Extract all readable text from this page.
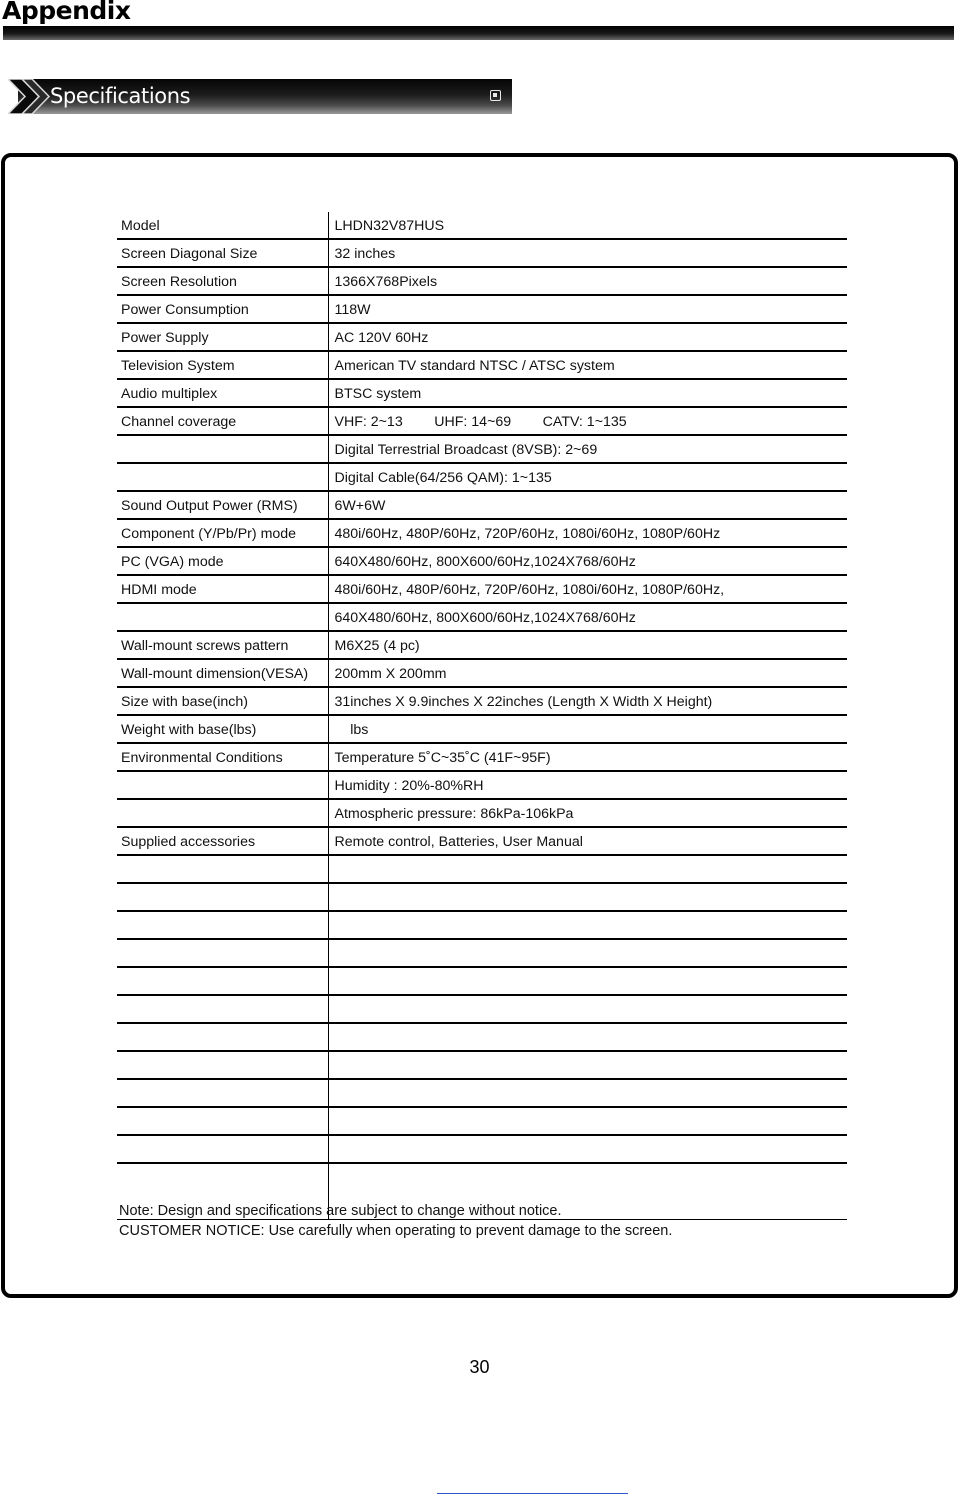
Appendix
Specifications
Model	LHDN32V87HUS
Screen Diagonal Size	32 inches
Screen Resolution	1366X768Pixels
Power Consumption	118W
Power Supply	AC 120V 60Hz
Television System	American TV standard NTSC / ATSC system
Audio multiplex	BTSC system
Channel coverage	VHF: 2~13        UHF: 14~69        CATV: 1~135
	Digital Terrestrial Broadcast (8VSB): 2~69
	Digital Cable(64/256 QAM): 1~135
Sound Output Power (RMS)	6W+6W
Component (Y/Pb/Pr) mode	480i/60Hz, 480P/60Hz, 720P/60Hz, 1080i/60Hz, 1080P/60Hz
PC (VGA) mode	640X480/60Hz, 800X600/60Hz,1024X768/60Hz
HDMI mode	480i/60Hz, 480P/60Hz, 720P/60Hz, 1080i/60Hz, 1080P/60Hz,
	640X480/60Hz, 800X600/60Hz,1024X768/60Hz
Wall-mount screws pattern	M6X25 (4 pc)
Wall-mount dimension(VESA)	200mm X 200mm
Size with base(inch)	31inches X 9.9inches X 22inches (Length X Width X Height)
Weight with base(lbs)	lbs
Environmental Conditions	Temperature 5˚C~35˚C (41F~95F)
	Humidity : 20%-80%RH
	Atmospheric pressure: 86kPa-106kPa
Supplied accessories	Remote control, Batteries, User Manual

Note: Design and specifications are subject to change without notice.
CUSTOMER NOTICE: Use carefully when operating to prevent damage to the screen.
30
